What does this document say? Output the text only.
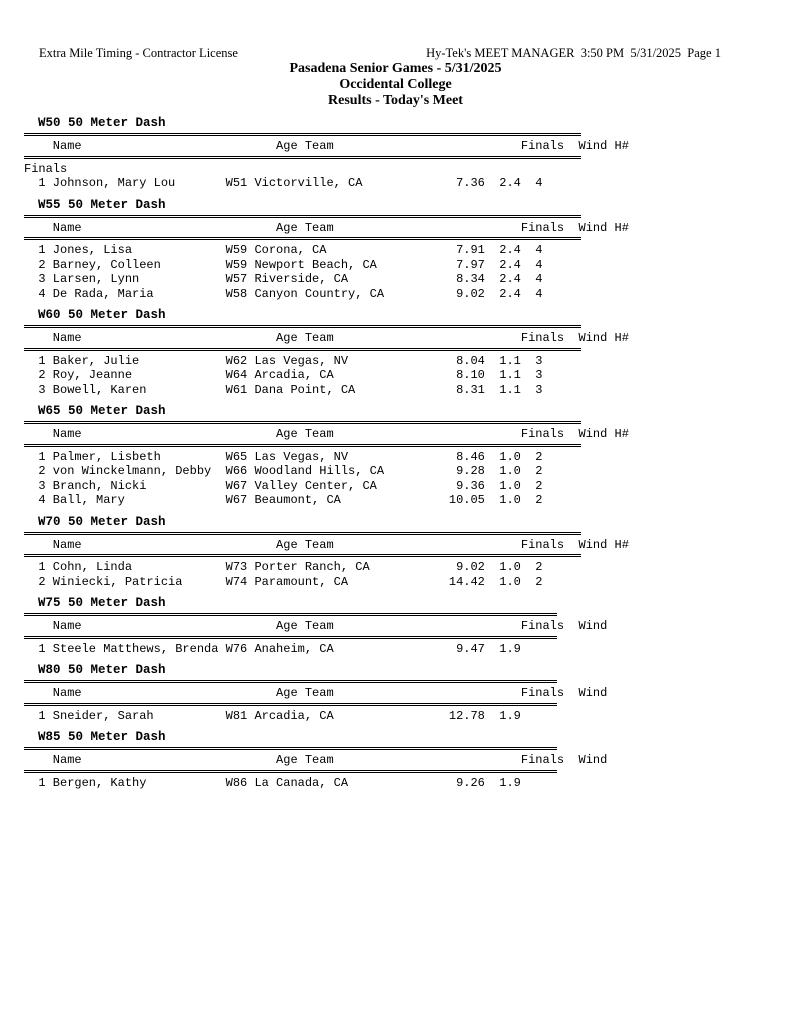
Extra Mile Timing - Contractor License	Hy-Tek's MEET MANAGER  3:50 PM  5/31/2025  Page 1
Pasadena Senior Games - 5/31/2025
Occidental College
Results - Today's Meet
W50 50 Meter Dash
Name                           Age Team                          Finals  Wind H#
Finals
1 Johnson, Mary Lou       W51 Victorville, CA             7.36  2.4  4
W55 50 Meter Dash
Name                           Age Team                          Finals  Wind H#
1 Jones, Lisa             W59 Corona, CA                  7.91  2.4  4
2 Barney, Colleen         W59 Newport Beach, CA           7.97  2.4  4
3 Larsen, Lynn            W57 Riverside, CA               8.34  2.4  4
4 De Rada, Maria          W58 Canyon Country, CA          9.02  2.4  4
W60 50 Meter Dash
Name                           Age Team                          Finals  Wind H#
1 Baker, Julie            W62 Las Vegas, NV               8.04  1.1  3
2 Roy, Jeanne             W64 Arcadia, CA                 8.10  1.1  3
3 Bowell, Karen           W61 Dana Point, CA              8.31  1.1  3
W65 50 Meter Dash
Name                           Age Team                          Finals  Wind H#
1 Palmer, Lisbeth         W65 Las Vegas, NV               8.46  1.0  2
2 von Winckelmann, Debby  W66 Woodland Hills, CA          9.28  1.0  2
3 Branch, Nicki           W67 Valley Center, CA           9.36  1.0  2
4 Ball, Mary              W67 Beaumont, CA               10.05  1.0  2
W70 50 Meter Dash
Name                           Age Team                          Finals  Wind H#
1 Cohn, Linda             W73 Porter Ranch, CA            9.02  1.0  2
2 Winiecki, Patricia      W74 Paramount, CA              14.42  1.0  2
W75 50 Meter Dash
Name                           Age Team                          Finals  Wind
1 Steele Matthews, Brenda W76 Anaheim, CA                 9.47  1.9
W80 50 Meter Dash
Name                           Age Team                          Finals  Wind
1 Sneider, Sarah          W81 Arcadia, CA                12.78  1.9
W85 50 Meter Dash
Name                           Age Team                          Finals  Wind
1 Bergen, Kathy           W86 La Canada, CA               9.26  1.9
